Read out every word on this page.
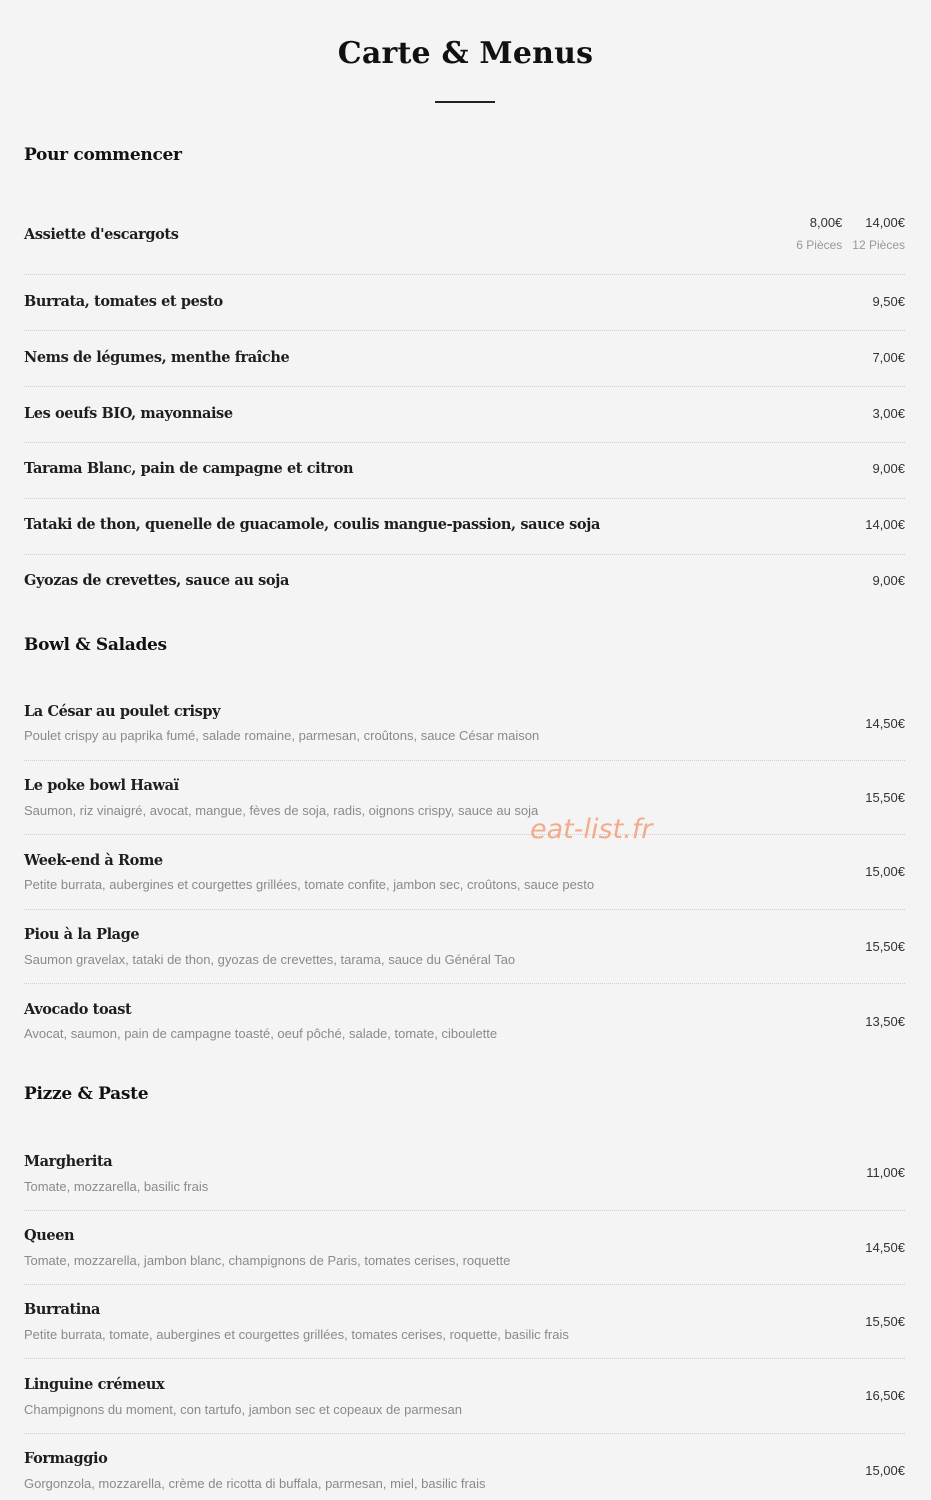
Carte & Menus
Pour commencer
Assiette d'escargots
8,00€
6 Pièces
14,00€
12 Pièces
Burrata, tomates et pesto	9,50€
Nems de légumes, menthe fraîche	7,00€
Les oeufs BIO, mayonnaise	3,00€
Tarama Blanc, pain de campagne et citron	9,00€
Tataki de thon, quenelle de guacamole, coulis mangue-passion, sauce soja	14,00€
Gyozas de crevettes, sauce au soja	9,00€
Bowl & Salades
La César au poulet crispy
Poulet crispy au paprika fumé, salade romaine, parmesan, croûtons, sauce César maison
14,50€
Le poke bowl Hawaï
Saumon, riz vinaigré, avocat, mangue, fèves de soja, radis, oignons crispy, sauce au soja
15,50€
Week-end à Rome
Petite burrata, aubergines et courgettes grillées, tomate confite, jambon sec, croûtons, sauce pesto
15,00€
Piou à la Plage
Saumon gravelax, tataki de thon, gyozas de crevettes, tarama, sauce du Général Tao
15,50€
Avocado toast
Avocat, saumon, pain de campagne toasté, oeuf pôché, salade, tomate, ciboulette
13,50€
Pizze & Paste
Margherita
Tomate, mozzarella, basilic frais
11,00€
Queen
Tomate, mozzarella, jambon blanc, champignons de Paris, tomates cerises, roquette
14,50€
Burratina
Petite burrata, tomate, aubergines et courgettes grillées, tomates cerises, roquette, basilic frais
15,50€
Linguine crémeux
Champignons du moment, con tartufo, jambon sec et copeaux de parmesan
16,50€
Formaggio
Gorgonzola, mozzarella, crème de ricotta di buffala, parmesan, miel, basilic frais
15,00€
eat-list.fr
